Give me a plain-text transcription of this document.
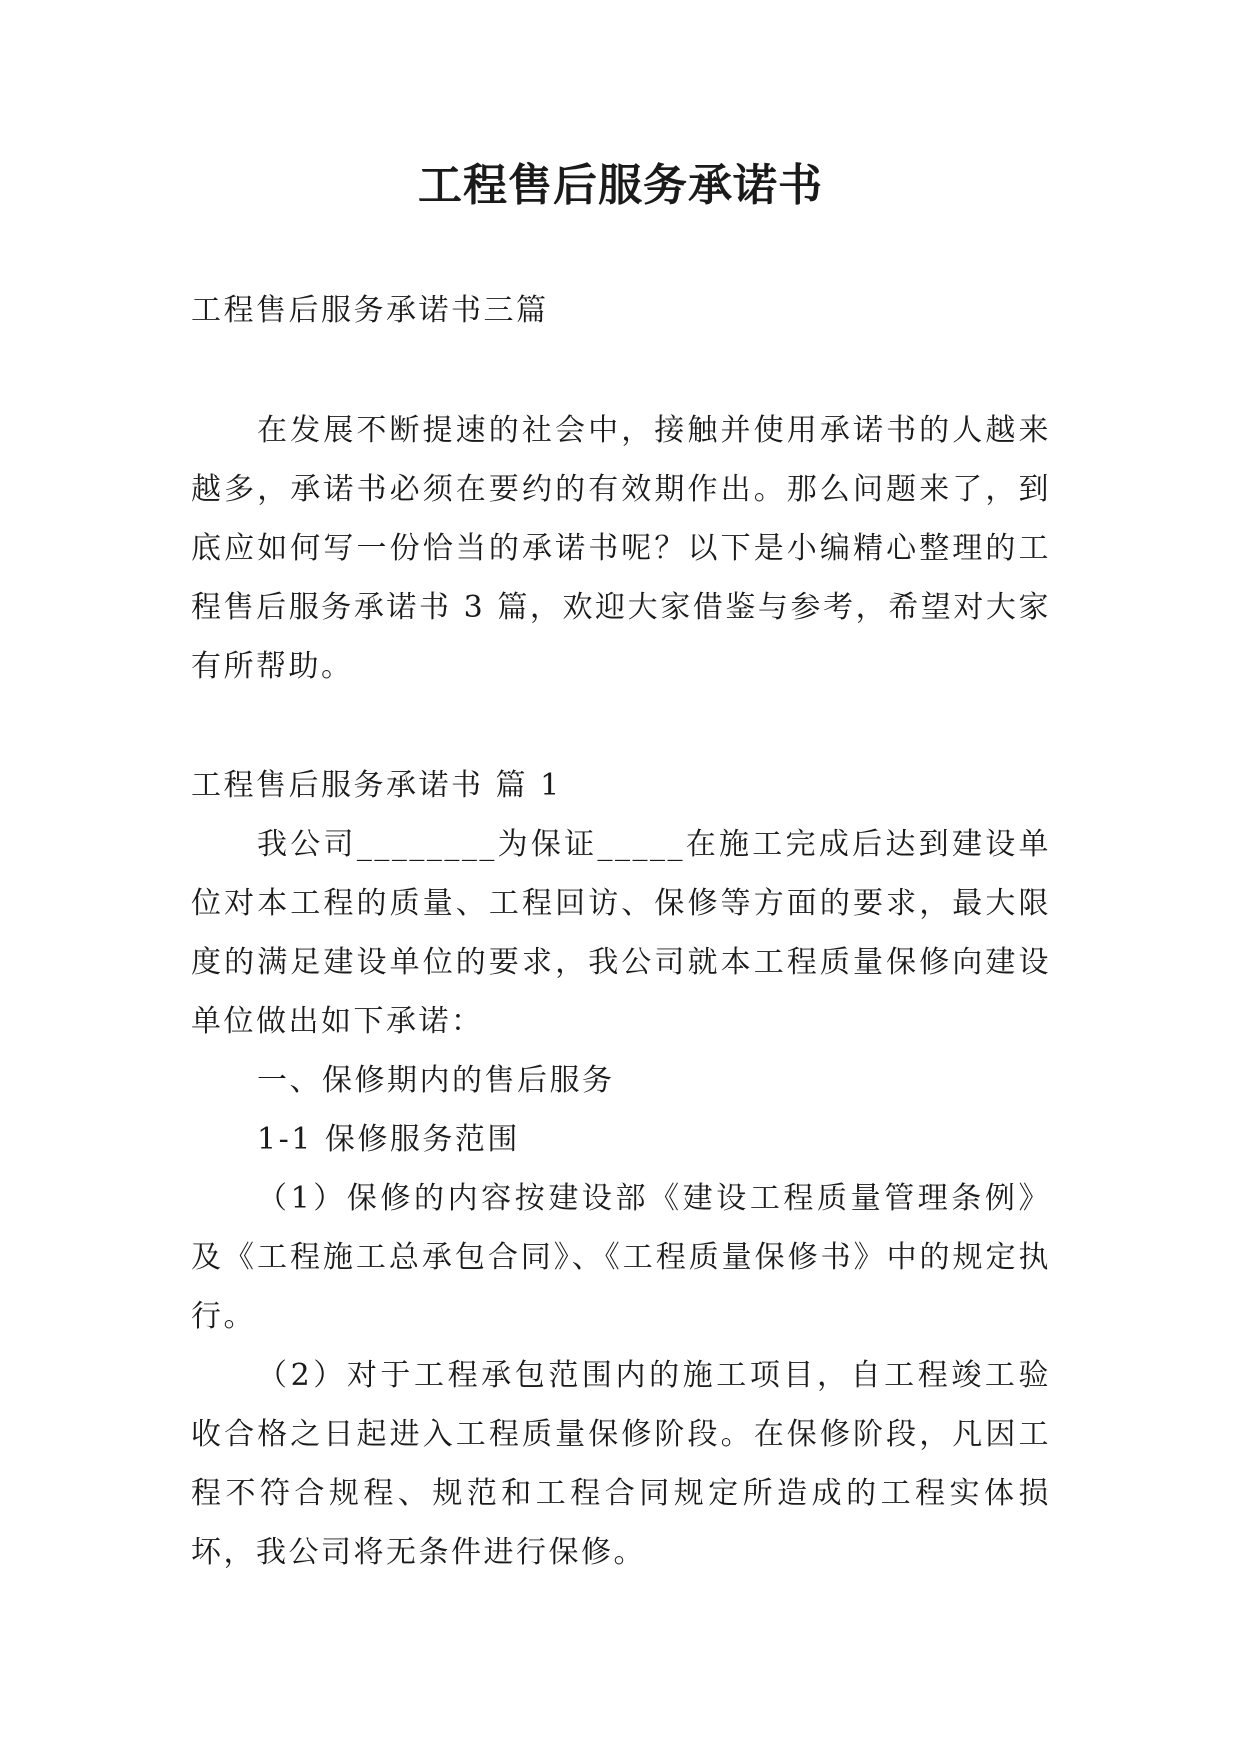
工程售后服务承诺书
工程售后服务承诺书三篇

在发展不断提速的社会中，接触并使用承诺书的人越来越多，承诺书必须在要约的有效期作出。那么问题来了，到底应如何写一份恰当的承诺书呢？以下是小编精心整理的工程售后服务承诺书 3 篇，欢迎大家借鉴与参考，希望对大家有所帮助。

工程售后服务承诺书 篇 1

我公司________为保证_____在施工完成后达到建设单位对本工程的质量、工程回访、保修等方面的要求，最大限度的满足建设单位的要求，我公司就本工程质量保修向建设单位做出如下承诺：

一、保修期内的售后服务

1-1 保修服务范围

（1）保修的内容按建设部《建设工程质量管理条例》及《工程施工总承包合同》、《工程质量保修书》中的规定执行。

（2）对于工程承包范围内的施工项目，自工程竣工验收合格之日起进入工程质量保修阶段。在保修阶段，凡因工程不符合规程、规范和工程合同规定所造成的工程实体损坏，我公司将无条件进行保修。
